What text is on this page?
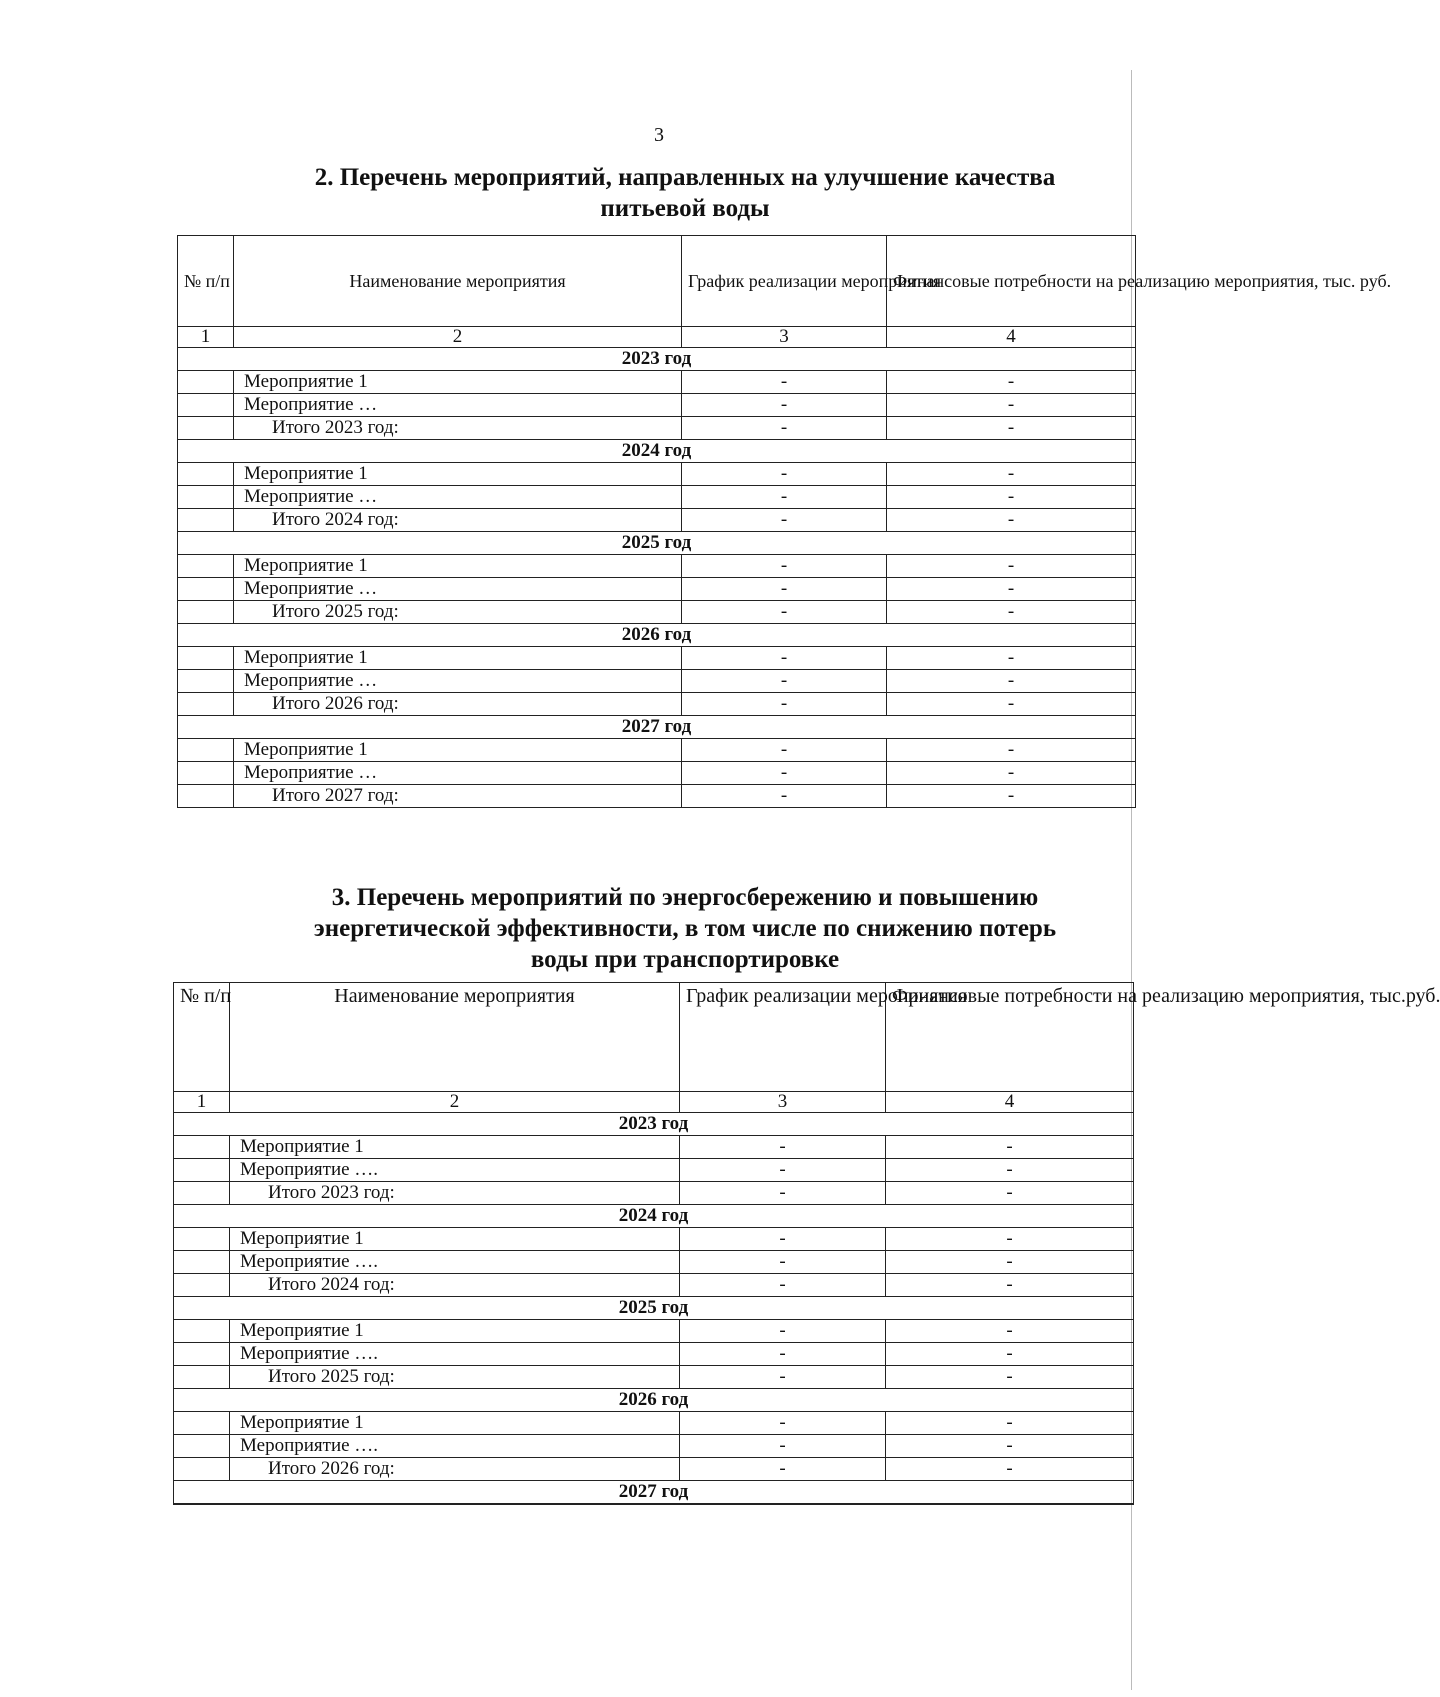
3
2. Перечень мероприятий, направленных на улучшение качества
питьевой воды
№ п/п	Наименование мероприятия	График реализации мероприятия	Финансовые потребности на реализацию мероприятия, тыс. руб.
1	2	3	4
2023 год			
	Мероприятие 1	-	-
	Мероприятие …	-	-
	Итого 2023 год:	-	-
2024 год			
	Мероприятие 1	-	-
	Мероприятие …	-	-
	Итого 2024 год:	-	-
2025 год			
	Мероприятие 1	-	-
	Мероприятие …	-	-
	Итого 2025 год:	-	-
2026 год			
	Мероприятие 1	-	-
	Мероприятие …	-	-
	Итого 2026 год:	-	-
2027 год			
	Мероприятие 1	-	-
	Мероприятие …	-	-
	Итого 2027 год:	-	-
3. Перечень мероприятий по энергосбережению и повышению
энергетической эффективности, в том числе по снижению потерь
воды при транспортировке
№ п/п	Наименование мероприятия	График реализации мероприятия	Финансовые потребности на реализацию мероприятия, тыс.руб.
1	2	3	4
2023 год			
	Мероприятие 1	-	-
	Мероприятие ….	-	-
	Итого 2023 год:	-	-
2024 год			
	Мероприятие 1	-	-
	Мероприятие ….	-	-
	Итого 2024 год:	-	-
2025 год			
	Мероприятие 1	-	-
	Мероприятие ….	-	-
	Итого 2025 год:	-	-
2026 год			
	Мероприятие 1	-	-
	Мероприятие ….	-	-
	Итого 2026 год:	-	-
2027 год			
